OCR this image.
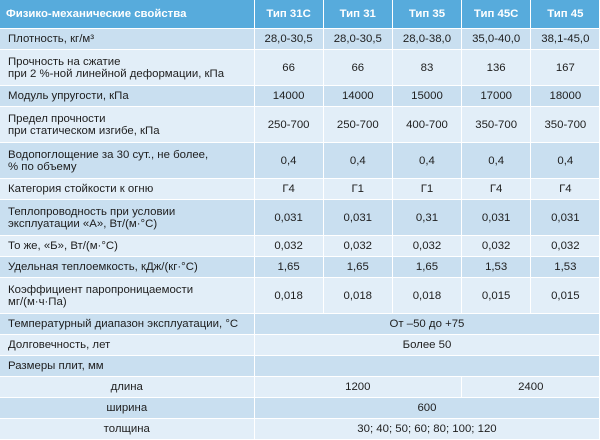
Физико-механические свойства	Тип 31С	Тип 31	Тип 35	Тип 45С	Тип 45
Плотность, кг/м³	28,0-30,5	28,0-30,5	28,0-38,0	35,0-40,0	38,1-45,0
Прочность на сжатие
при 2 %-ной линейной деформации, кПа	66	66	83	136	167
Модуль упругости, кПа	14000	14000	15000	17000	18000
Предел прочности
при статическом изгибе, кПа	250-700	250-700	400-700	350-700	350-700
Водопоглощение за 30 сут., не более,
% по объему	0,4	0,4	0,4	0,4	0,4
Категория стойкости к огню	Г4	Г1	Г1	Г4	Г4
Теплопроводность при условии
эксплуатации «А», Вт/(м·°С)	0,031	0,031	0,31	0,031	0,031
То же, «Б», Вт/(м·°С)	0,032	0,032	0,032	0,032	0,032
Удельная теплоемкость, кДж/(кг·°С)	1,65	1,65	1,65	1,53	1,53
Коэффициент паропроницаемости
мг/(м·ч·Па)	0,018	0,018	0,018	0,015	0,015
Температурный диапазон эксплуатации, °С	От –50 до +75				
Долговечность, лет	Более 50				
Размеры плит, мм					
длина	1200			2400	
ширина	600				
толщина	30; 40; 50; 60; 80; 100; 120				
